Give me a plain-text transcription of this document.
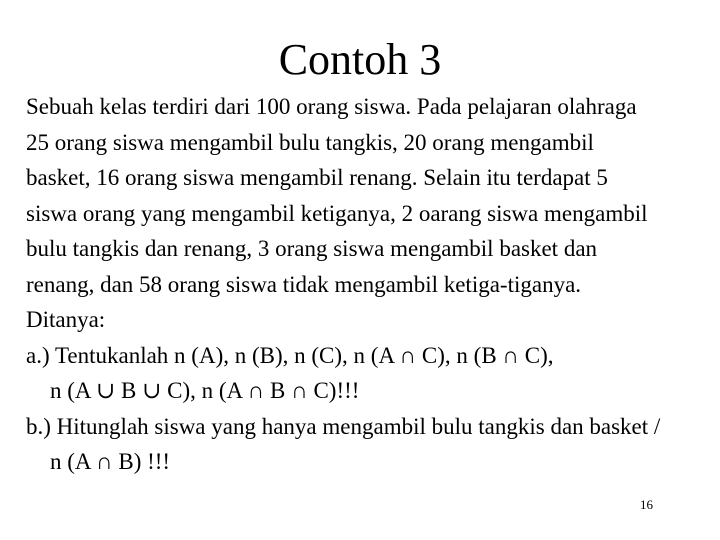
Contoh 3

Sebuah kelas terdiri dari 100 orang siswa. Pada pelajaran olahraga

25 orang siswa mengambil bulu tangkis, 20 orang mengambil

basket, 16 orang siswa mengambil renang. Selain itu terdapat 5

siswa orang yang mengambil ketiganya, 2 oarang siswa mengambil

bulu tangkis dan renang, 3 orang siswa mengambil basket dan

renang, dan 58 orang siswa tidak mengambil ketiga-tiganya.

Ditanya:

a.) Tentukanlah n (A), n (B), n (C), n (A ∩ C), n (B ∩ C),

n (A ∪ B ∪ C), n (A ∩ B ∩ C)!!!

b.) Hitunglah siswa yang hanya mengambil bulu tangkis dan basket /

n (A ∩ B) !!!

16
